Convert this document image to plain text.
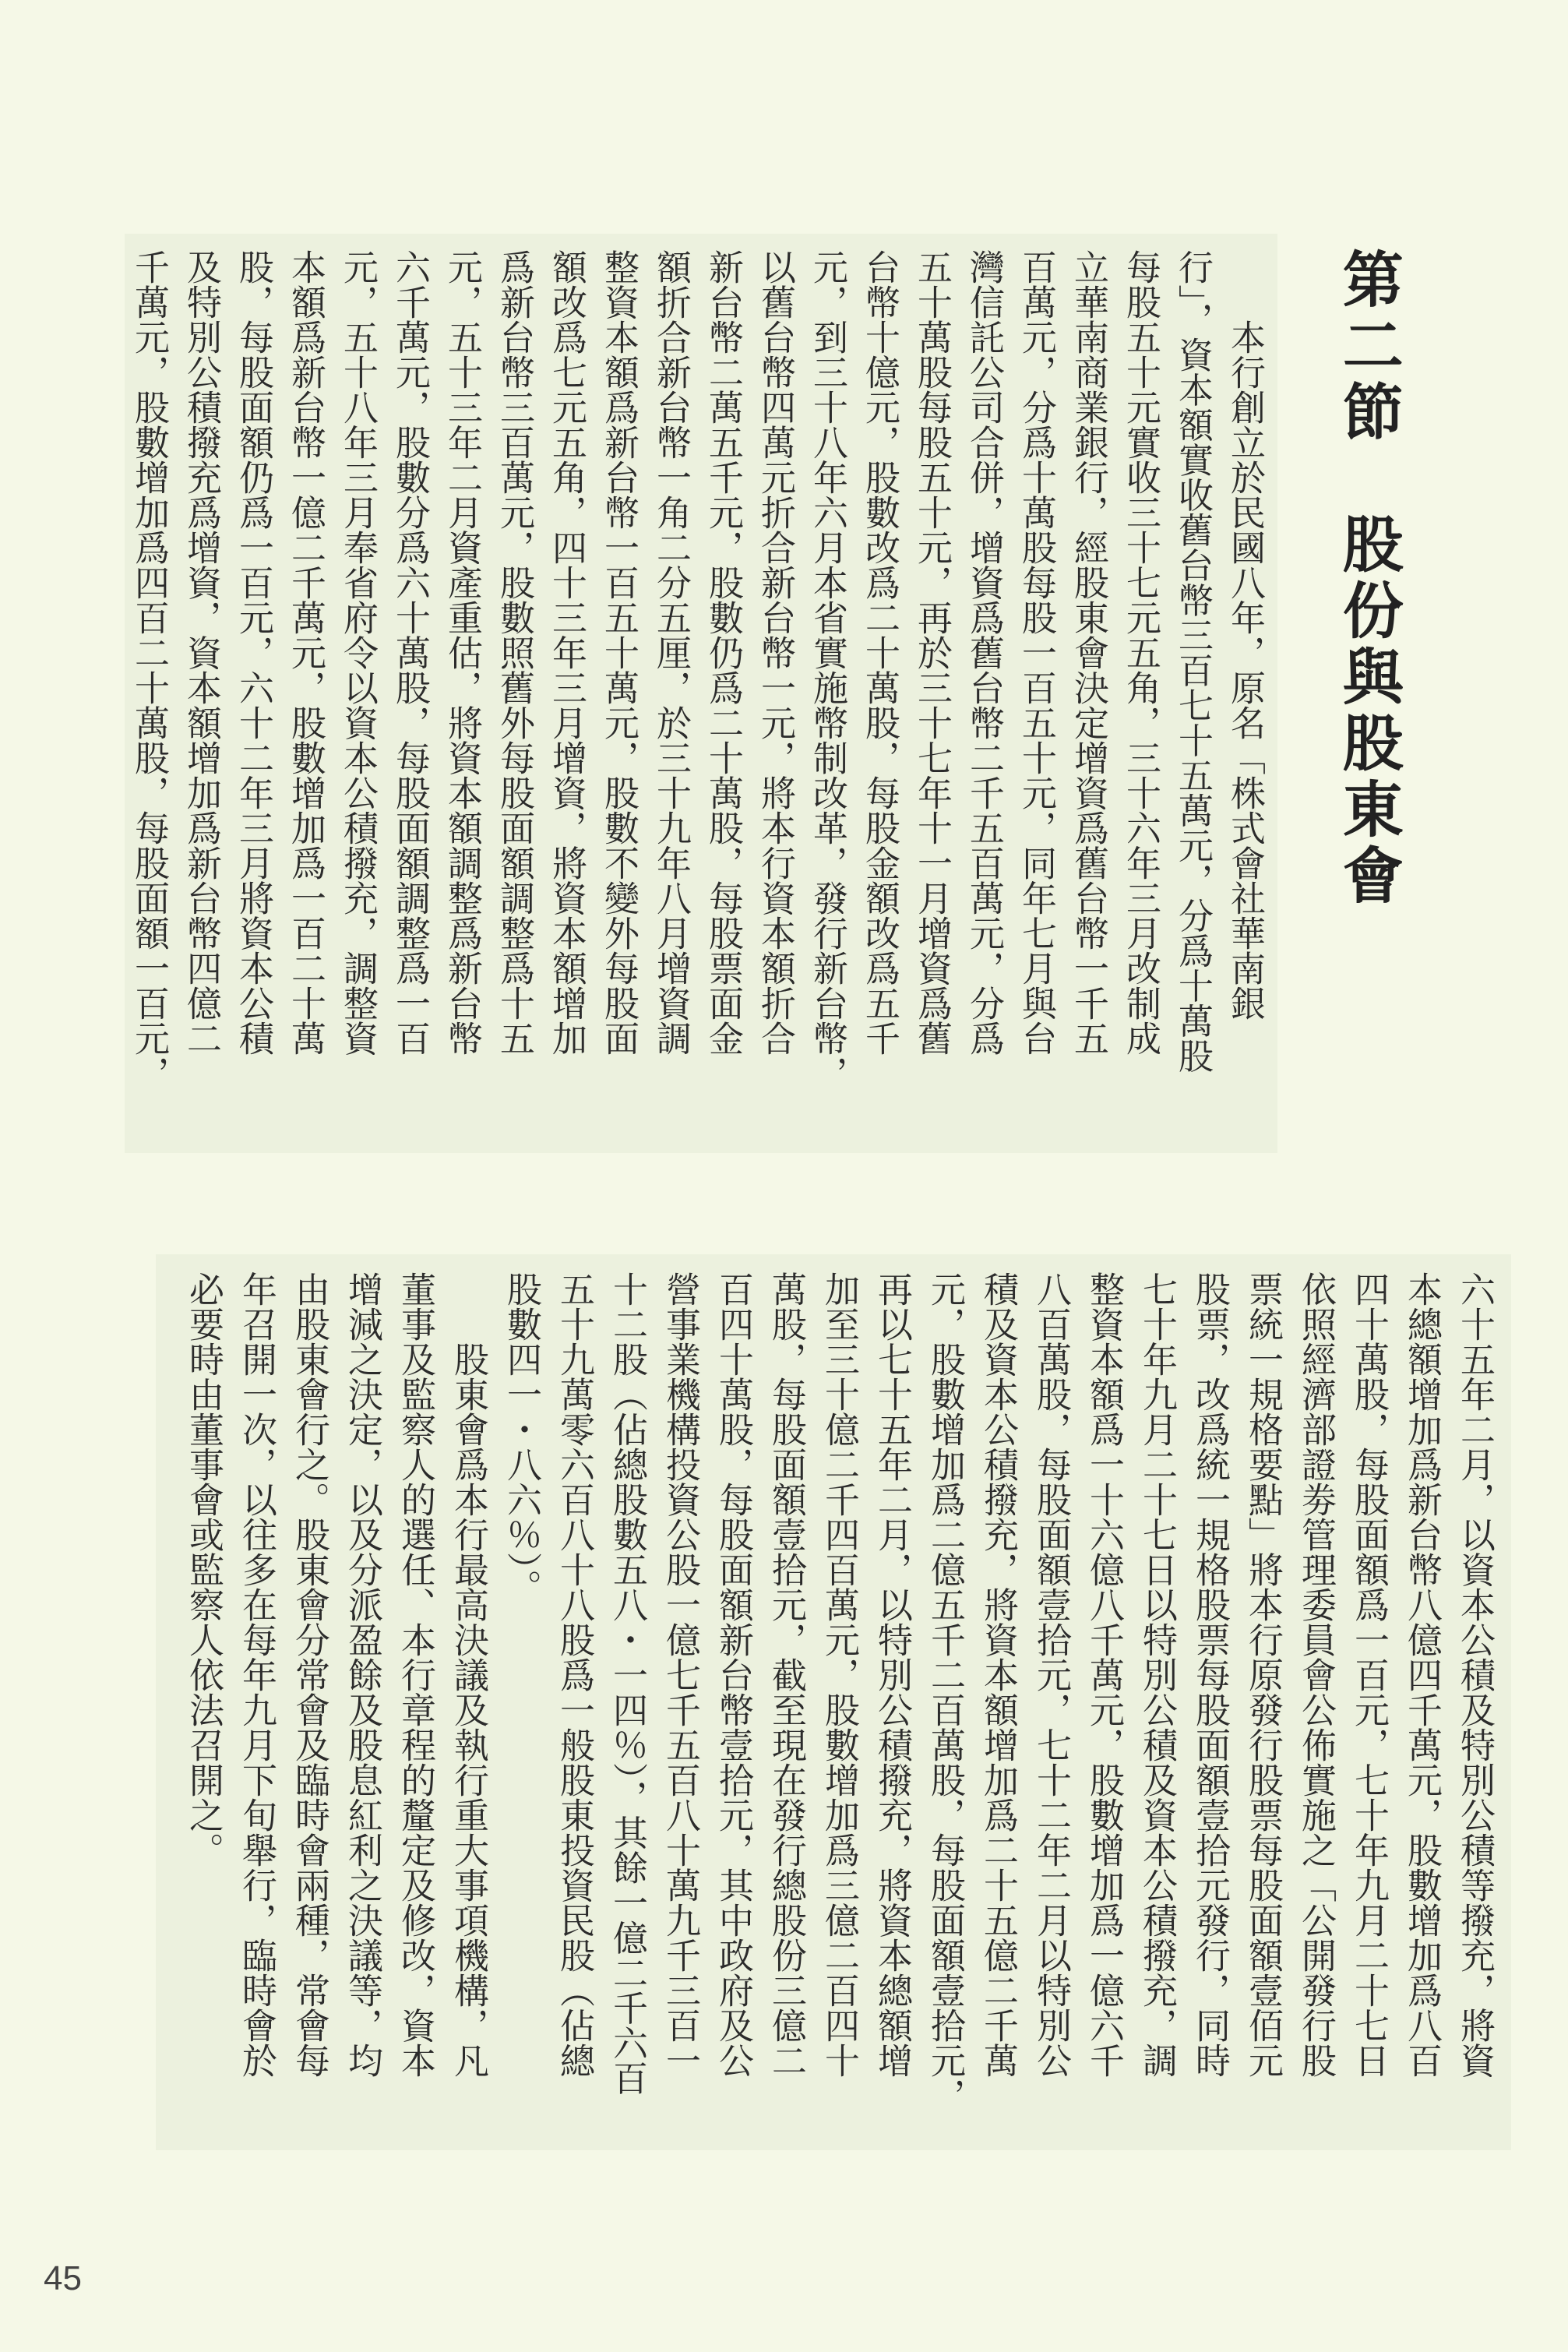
第二節　股份與股東會
本行創立於民國八年，原名「株式會社華南銀
行」，資本額實收舊台幣三百七十五萬元，分爲十萬股
每股五十元實收三十七元五角，三十六年三月改制成
立華南商業銀行，經股東會決定增資爲舊台幣一千五
百萬元，分爲十萬股每股一百五十元，同年七月與台
灣信託公司合併，增資爲舊台幣二千五百萬元，分爲
五十萬股每股五十元，再於三十七年十一月增資爲舊
台幣十億元，股數改爲二十萬股，每股金額改爲五千
元，到三十八年六月本省實施幣制改革，發行新台幣，
以舊台幣四萬元折合新台幣一元，將本行資本額折合
新台幣二萬五千元，股數仍爲二十萬股，每股票面金
額折合新台幣一角二分五厘，於三十九年八月增資調
整資本額爲新台幣一百五十萬元，股數不變外每股面
額改爲七元五角，四十三年三月增資，將資本額增加
爲新台幣三百萬元，股數照舊外每股面額調整爲十五
元，五十三年二月資產重估，將資本額調整爲新台幣
六千萬元，股數分爲六十萬股，每股面額調整爲一百
元，五十八年三月奉省府令以資本公積撥充，調整資
本額爲新台幣一億二千萬元，股數增加爲一百二十萬
股，每股面額仍爲一百元，六十二年三月將資本公積
及特別公積撥充爲增資，資本額增加爲新台幣四億二
千萬元，股數增加爲四百二十萬股，每股面額一百元，
六十五年二月，以資本公積及特別公積等撥充，將資
本總額增加爲新台幣八億四千萬元，股數增加爲八百
四十萬股，每股面額爲一百元，七十年九月二十七日
依照經濟部證劵管理委員會公佈實施之「公開發行股
票統一規格要點」將本行原發行股票每股面額壹佰元
股票，改爲統一規格股票每股面額壹拾元發行，同時
七十年九月二十七日以特別公積及資本公積撥充，調
整資本額爲一十六億八千萬元，股數增加爲一億六千
八百萬股，每股面額壹拾元，七十二年二月以特別公
積及資本公積撥充，將資本額增加爲二十五億二千萬
元，股數增加爲二億五千二百萬股，每股面額壹拾元，
再以七十五年二月，以特別公積撥充，將資本總額增
加至三十億二千四百萬元，股數增加爲三億二百四十
萬股，每股面額壹拾元，截至現在發行總股份三億二
百四十萬股，每股面額新台幣壹拾元，其中政府及公
營事業機構投資公股一億七千五百八十萬九千三百一
十二股（佔總股數五八・一四％），其餘一億二千六百
五十九萬零六百八十八股爲一般股東投資民股（佔總
股數四一・八六％）。
股東會爲本行最高決議及執行重大事項機構，凡
董事及監察人的選任、本行章程的釐定及修改，資本
增減之決定，以及分派盈餘及股息紅利之決議等，均
由股東會行之。股東會分常會及臨時會兩種，常會每
年召開一次，以往多在每年九月下旬舉行，臨時會於
必要時由董事會或監察人依法召開之。
45
